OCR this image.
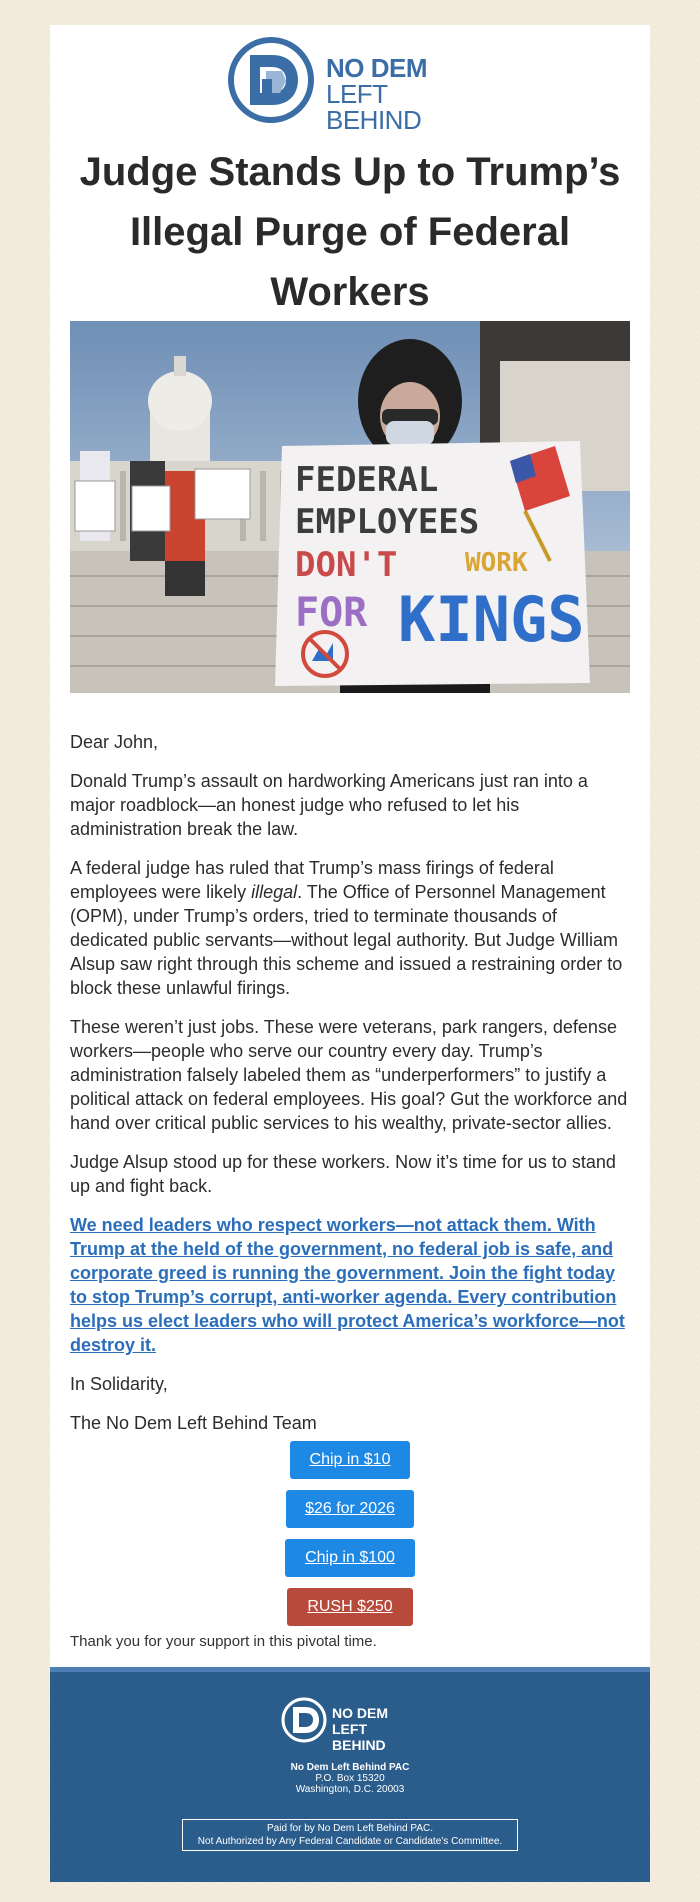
NO DEM
LEFT BEHIND
Judge Stands Up to Trump’s Illegal Purge of Federal Workers
FEDERAL
EMPLOYEES
DON'T	WORK
FOR KINGS

Dear John,

Donald Trump’s assault on hardworking Americans just ran into a major roadblock—an honest judge who refused to let his administration break the law.

A federal judge has ruled that Trump’s mass firings of federal employees were likely illegal. The Office of Personnel Management (OPM), under Trump’s orders, tried to terminate thousands of dedicated public servants—without legal authority. But Judge William Alsup saw right through this scheme and issued a restraining order to block these unlawful firings.

These weren’t just jobs. These were veterans, park rangers, defense workers—people who serve our country every day. Trump’s administration falsely labeled them as “underperformers” to justify a political attack on federal employees. His goal? Gut the workforce and hand over critical public services to his wealthy, private-sector allies.

Judge Alsup stood up for these workers. Now it’s time for us to stand up and fight back.

We need leaders who respect workers—not attack them. With Trump at the held of the government, no federal job is safe, and corporate greed is running the government. Join the fight today to stop Trump’s corrupt, anti-worker agenda. Every contribution helps us elect leaders who will protect America’s workforce—not destroy it.

In Solidarity,

The No Dem Left Behind Team

Chip in $10
$26 for 2026
Chip in $100
RUSH $250

Thank you for your support in this pivotal time.

NO DEM
LEFT BEHIND
No Dem Left Behind PAC
P.O. Box 15320
Washington, D.C. 20003
Paid for by No Dem Left Behind PAC.
Not Authorized by Any Federal Candidate or Candidate’s Committee.
